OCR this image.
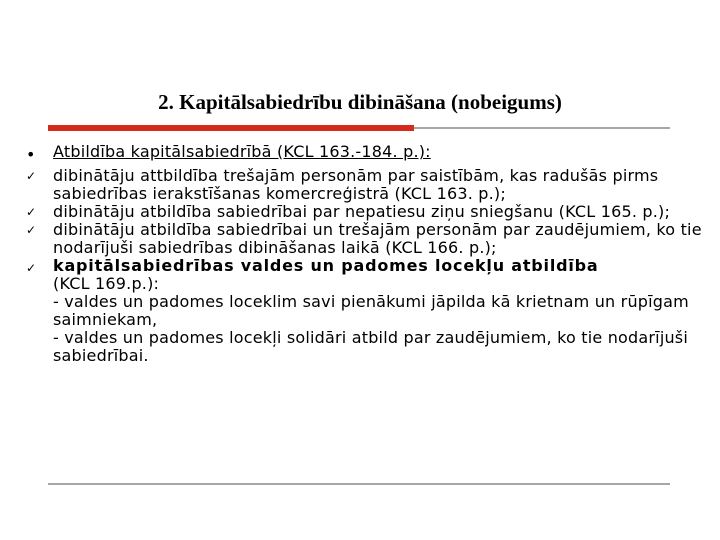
2. Kapitālsabiedrību dibināšana (nobeigums)
• Atbildība kapitālsabiedrībā (KCL 163.-184. p.):
✓ dibinātāju attbildība trešajām personām par saistībām, kas radušās pirms sabiedrības ierakstīšanas komercreģistrā (KCL 163. p.);
✓ dibinātāju atbildība sabiedrībai par nepatiesu ziņu sniegšanu (KCL 165. p.);
✓ dibinātāju atbildība sabiedrībai un trešajām personām par zaudējumiem, ko tie nodarījuši sabiedrības dibināšanas laikā (KCL 166. p.);
✓ kapitālsabiedrības valdes un padomes locekļu atbildība
(KCL 169.p.):
- valdes un padomes loceklim savi pienākumi jāpilda kā krietnam un rūpīgam saimniekam,
- valdes un padomes locekļi solidāri atbild par zaudējumiem, ko tie nodarījuši sabiedrībai.
